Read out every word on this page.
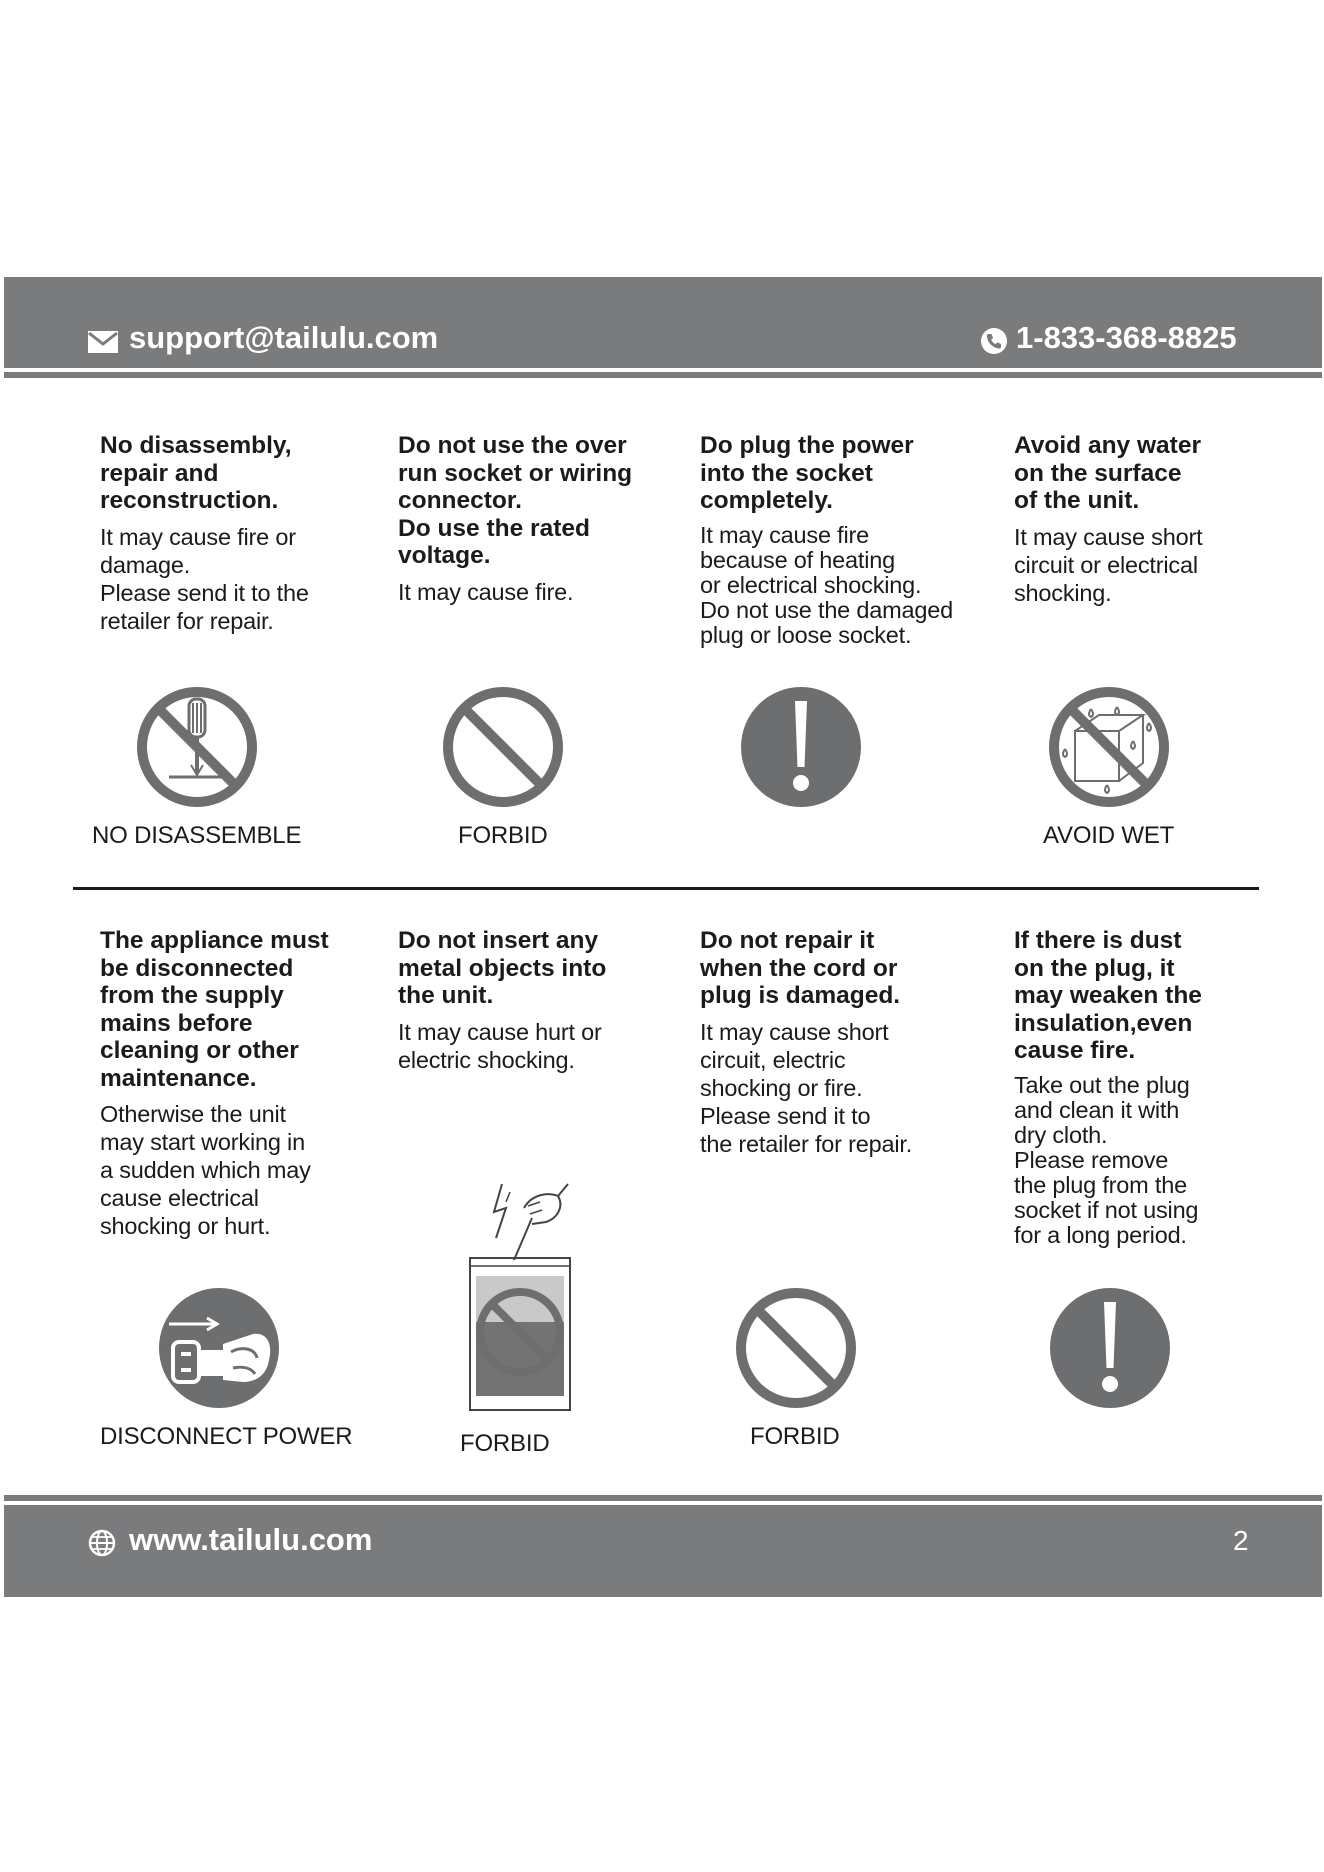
support@tailulu.com	1-833-368-8825

No disassembly,
repair and
reconstruction.

It may cause fire or
damage.
Please send it to the
retailer for repair.

Do not use the over
run socket or wiring
connector.
Do use the rated
voltage.

It may cause fire.

Do plug the power
into the socket
completely.

It may cause fire
because of heating
or electrical shocking.
Do not use the damaged
plug or loose socket.

Avoid any water
on the surface
of the unit.

It may cause short
circuit or electrical
shocking.

NO DISASSEMBLE	FORBID	AVOID WET

The appliance must
be disconnected
from the supply
mains before
cleaning or other
maintenance.

Otherwise the unit
may start working in
a sudden which may
cause electrical
shocking or hurt.

Do not insert any
metal objects into
the unit.

It may cause hurt or
electric shocking.

Do not repair it
when the cord or
plug is damaged.

It may cause short
circuit, electric
shocking or fire.
Please send it to
the retailer for repair.

If there is dust
on the plug, it
may weaken the
insulation,even
cause fire.

Take out the plug
and clean it with
dry cloth.
Please remove
the plug from the
socket if not using
for a long period.

DISCONNECT POWER	FORBID	FORBID
www.tailulu.com	2
